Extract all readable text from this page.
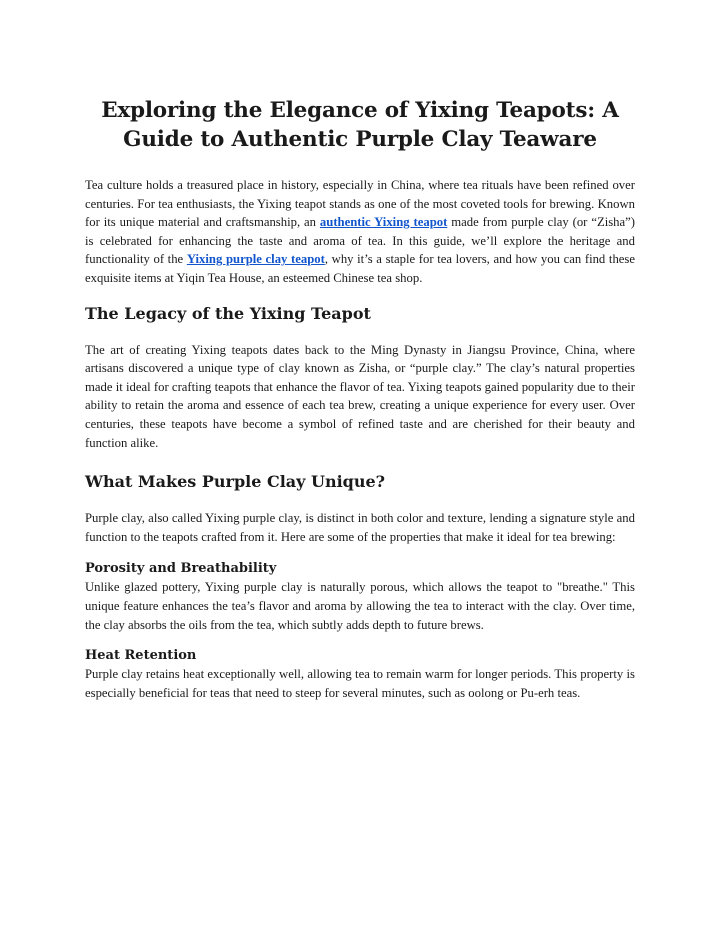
Exploring the Elegance of Yixing Teapots: A Guide to Authentic Purple Clay Teaware

Tea culture holds a treasured place in history, especially in China, where tea rituals have been refined over centuries. For tea enthusiasts, the Yixing teapot stands as one of the most coveted tools for brewing. Known for its unique material and craftsmanship, an authentic Yixing teapot made from purple clay (or “Zisha”) is celebrated for enhancing the taste and aroma of tea. In this guide, we’ll explore the heritage and functionality of the Yixing purple clay teapot, why it’s a staple for tea lovers, and how you can find these exquisite items at Yiqin Tea House, an esteemed Chinese tea shop.

The Legacy of the Yixing Teapot

The art of creating Yixing teapots dates back to the Ming Dynasty in Jiangsu Province, China, where artisans discovered a unique type of clay known as Zisha, or “purple clay.” The clay’s natural properties made it ideal for crafting teapots that enhance the flavor of tea. Yixing teapots gained popularity due to their ability to retain the aroma and essence of each tea brew, creating a unique experience for every user. Over centuries, these teapots have become a symbol of refined taste and are cherished for their beauty and function alike.

What Makes Purple Clay Unique?

Purple clay, also called Yixing purple clay, is distinct in both color and texture, lending a signature style and function to the teapots crafted from it. Here are some of the properties that make it ideal for tea brewing:

Porosity and Breathability

Unlike glazed pottery, Yixing purple clay is naturally porous, which allows the teapot to "breathe." This unique feature enhances the tea’s flavor and aroma by allowing the tea to interact with the clay. Over time, the clay absorbs the oils from the tea, which subtly adds depth to future brews.

Heat Retention

Purple clay retains heat exceptionally well, allowing tea to remain warm for longer periods. This property is especially beneficial for teas that need to steep for several minutes, such as oolong or Pu-erh teas.
